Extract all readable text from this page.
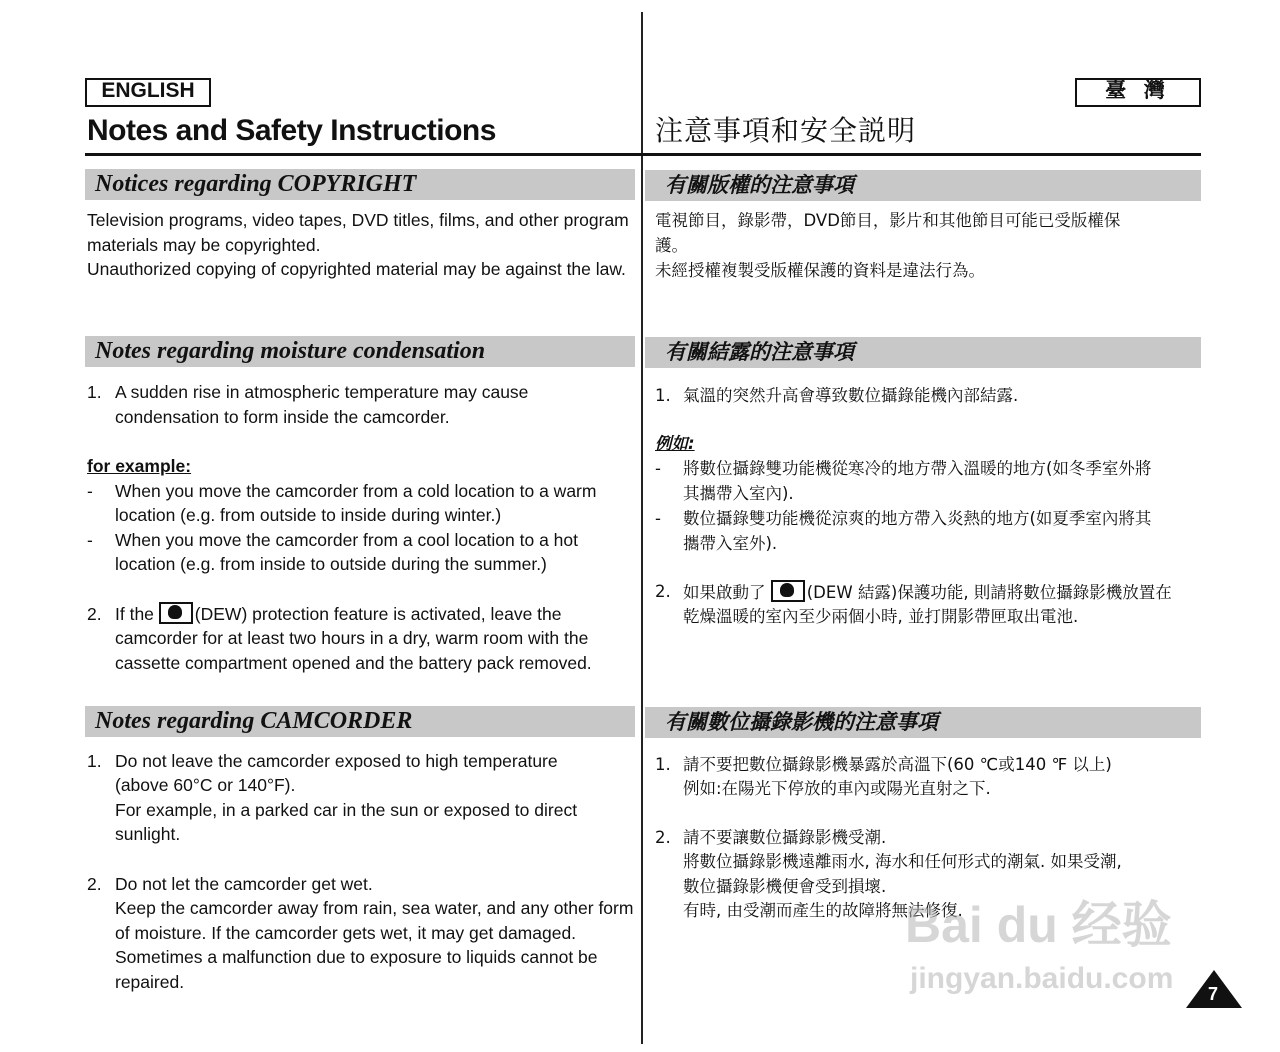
ENGLISH	臺 灣
Notes and Safety Instructions	注意事項和安全説明
Notices regarding COPYRIGHT	有關版權的注意事項
Television programs, video tapes, DVD titles, films, and other program
materials may be copyrighted.
Unauthorized copying of copyrighted material may be against the law.
電視節目，錄影帶，DVD節目，影片和其他節目可能已受版權保
護。
未經授權複製受版權保護的資料是違法行為。
Notes regarding moisture condensation	有關結露的注意事項
1. A sudden rise in atmospheric temperature may cause
condensation to form inside the camcorder.
for example:
- When you move the camcorder from a cold location to a warm
location (e.g. from outside to inside during winter.)
- When you move the camcorder from a cool location to a hot
location (e.g. from inside to outside during the summer.)
2. If the (DEW) protection feature is activated, leave the
camcorder for at least two hours in a dry, warm room with the
cassette compartment opened and the battery pack removed.
1. 氣溫的突然升高會導致數位攝錄能機內部結露.
例如:
- 將數位攝錄雙功能機從寒冷的地方帶入溫暖的地方(如冬季室外將
其攜帶入室內).
- 數位攝錄雙功能機從涼爽的地方帶入炎熱的地方(如夏季室內將其
攜帶入室外).
2. 如果啟動了	(DEW 結露)保護功能, 則請將數位攝錄影機放置在
乾燥溫暖的室內至少兩個小時, 並打開影帶匣取出電池.
Notes regarding CAMCORDER	有關數位攝錄影機的注意事項
1. Do not leave the camcorder exposed to high temperature
(above 60°C or 140°F).
For example, in a parked car in the sun or exposed to direct
sunlight.
2. Do not let the camcorder get wet.
Keep the camcorder away from rain, sea water, and any other form
of moisture. If the camcorder gets wet, it may get damaged.
Sometimes a malfunction due to exposure to liquids cannot be
repaired.
1. 請不要把數位攝錄影機暴露於高溫下(60 ℃或140 ℉ 以上)
例如:在陽光下停放的車內或陽光直射之下.
2. 請不要讓數位攝錄影機受潮.
將數位攝錄影機遠離雨水, 海水和任何形式的潮氣. 如果受潮,
數位攝錄影機便會受到損壞.
有時, 由受潮而產生的故障將無法修復.
Bai du 经验
jingyan.baidu.com	7
